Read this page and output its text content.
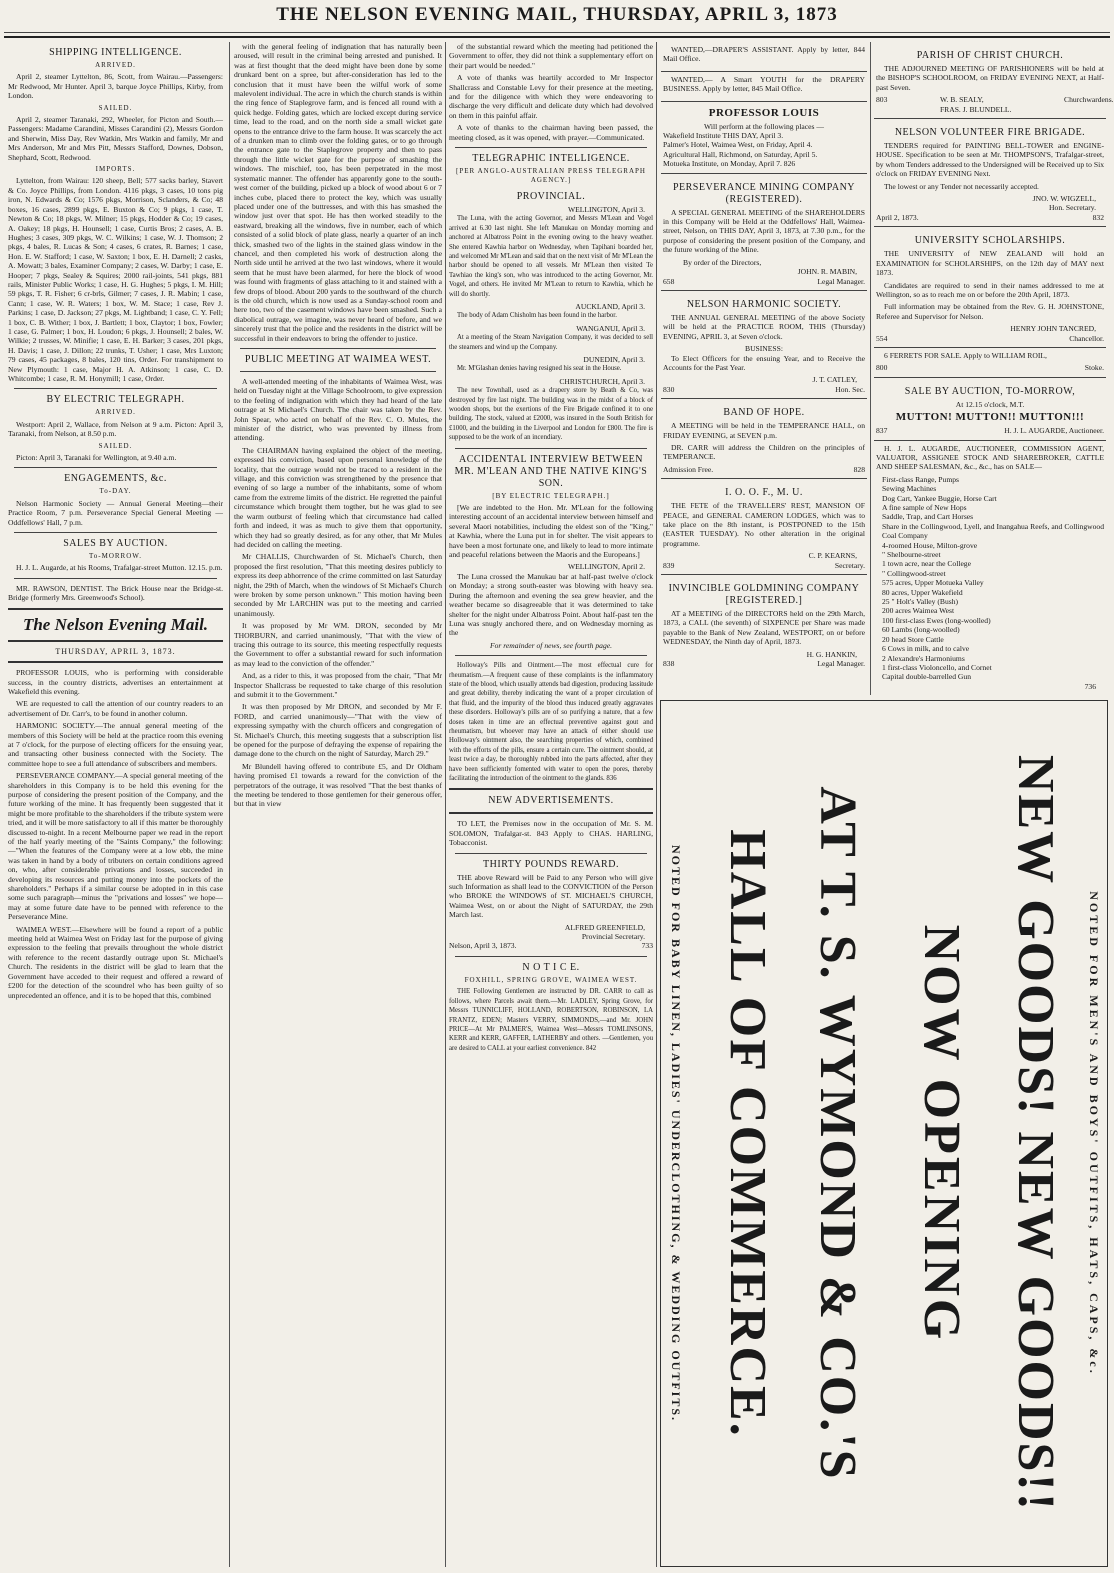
THE NELSON EVENING MAIL, THURSDAY, APRIL 3, 1873
SHIPPING INTELLIGENCE.
ARRIVED.

April 2, steamer Lyttelton, 86, Scott, from Wairau.—Passengers: Mr Redwood, Mr Hunter. April 3, barque Joyce Phillips, Kirby, from London.

SAILED.

April 2, steamer Taranaki, 292, Wheeler, for Picton and South.—Passengers: Madame Carandini, Misses Carandini (2), Messrs Gordon and Sherwin, Miss Day, Rev Watkin, Mrs Watkin and family, Mr and Mrs Anderson, Mr and Mrs Pitt, Messrs Stafford, Downes, Dobson, Shephard, Scott, Redwood.

IMPORTS.

Lyttelton, from Wairau: 120 sheep, Bell; 577 sacks barley, Stavert & Co. Joyce Phillips, from London. 4116 pkgs, 3 cases, 10 tons pig iron, N. Edwards & Co; 1576 pkgs, Morrison, Sclanders, & Co; 48 boxes, 16 cases, 2899 pkgs, E. Buxton & Co; 9 pkgs, 1 case, T. Newton & Co; 18 pkgs, W. Milner; 15 pkgs, Hodder & Co; 19 cases, A. Oakey; 18 pkgs, H. Hounsell; 1 case, Curtis Bros; 2 cases, A. B. Hughes; 3 cases, 309 pkgs, W. C. Wilkins; 1 case, W. J. Thomson; 2 pkgs, 4 bales, R. Lucas & Son; 4 cases, 6 crates, R. Barnes; 1 case, Hon. E. W. Stafford; 1 case, W. Saxton; 1 box, E. H. Darnell; 2 casks, A. Mowatt; 3 bales, Examiner Company; 2 cases, W. Darby; 1 case, E. Hooper; 7 pkgs, Sealey & Squires; 2000 rail-joints, 541 pkgs, 881 rails, Minister Public Works; 1 case, H. G. Hughes; 5 pkgs, I. M. Hill; 59 pkgs, T. R. Fisher; 6 cr-brls, Gilmer; 7 cases, J. R. Mabin; 1 case, Cann; 1 case, W. R. Waters; 1 box, W. M. Stace; 1 case, Rev J. Parkins; 1 case, D. Jackson; 27 pkgs, M. Lightband; 1 case, C. Y. Fell; 1 box, C. B. Wither; 1 box, J. Bartlett; 1 box, Claytor; 1 box, Fowler; 1 case, G. Palmer; 1 box, H. Loudon; 6 pkgs, J. Hounsell; 2 bales, W. Wilkie; 2 trusses, W. Minifie; 1 case, E. H. Barker; 3 cases, 201 pkgs, H. Davis; 1 case, J. Dillon; 22 trunks, T. Usher; 1 case, Mrs Luxton; 79 cases, 45 packages, 8 bales, 120 tins, Order. For transhipment to New Plymouth: 1 case, Major H. A. Atkinson; 1 case, C. D. Whitcombe; 1 case, R. M. Honymill; 1 case, Order.

BY ELECTRIC TELEGRAPH.
ARRIVED.

Westport: April 2, Wallace, from Nelson at 9 a.m. Picton: April 3, Taranaki, from Nelson, at 8.50 p.m.

SAILED.

Picton: April 3, Taranaki for Wellington, at 9.40 a.m.

ENGAGEMENTS, &c.
To-DAY.

Nelson Harmonic Society — Annual General Meeting—their Practice Room, 7 p.m. Perseverance Special General Meeting — Oddfellows' Hall, 7 p.m.

SALES BY AUCTION.
To-MORROW.

H. J. L. Augarde, at his Rooms, Trafalgar-street Mutton. 12.15. p.m.

MR. RAWSON, DENTIST. The Brick House near the Bridge-st. Bridge (formerly Mrs. Greenwood's School).

The Nelson Evening Mail.
THURSDAY, APRIL 3, 1873.

PROFESSOR LOUIS, who is performing with considerable success, in the country districts, advertises an entertainment at Wakefield this evening.

WE are requested to call the attention of our country readers to an advertisement of Dr. Carr's, to be found in another column.

HARMONIC SOCIETY.—The annual general meeting of the members of this Society will be held at the practice room this evening at 7 o'clock, for the purpose of electing officers for the ensuing year, and transacting other business connected with the Society. The committee hope to see a full attendance of subscribers and members.

PERSEVERANCE COMPANY.—A special general meeting of the shareholders in this Company is to be held this evening for the purpose of considering the present position of the Company, and the future working of the mine. It has frequently been suggested that it might be more profitable to the shareholders if the tribute system were tried, and it will be more satisfactory to all if this matter be thoroughly discussed to-night. In a recent Melbourne paper we read in the report of the half yearly meeting of the "Saints Company," the following:—"When the features of the Company were at a low ebb, the mine was taken in hand by a body of tributers on certain conditions agreed on, who, after considerable privations and losses, succeeded in developing its resources and putting money into the pockets of the shareholders." Perhaps if a similar course be adopted in in this case some such paragraph—minus the "privations and losses" we hope—may at some future date have to be penned with reference to the Perseverance Mine.

WAIMEA WEST.—Elsewhere will be found a report of a public meeting held at Waimea West on Friday last for the purpose of giving expression to the feeling that prevails throughout the whole district with reference to the recent dastardly outrage upon St. Michael's Church. The residents in the district will be glad to learn that the Government have acceded to their request and offered a reward of £200 for the detection of the scoundrel who has been guilty of so unprecedented an offence, and it is to be hoped that this, combined

with the general feeling of indignation that has naturally been aroused, will result in the criminal being arrested and punished. It was at first thought that the deed might have been done by some drunkard bent on a spree, but after-consideration has led to the conclusion that it must have been the wilful work of some malevolent individual. The acre in which the church stands is within the ring fence of Staplegrove farm, and is fenced all round with a quick hedge. Folding gates, which are locked except during service time, lead to the road, and on the north side a small wicket gate opens to the entrance drive to the farm house. It was scarcely the act of a drunken man to climb over the folding gates, or to go through the entrance gate to the Staplegrove property and then to pass through the little wicket gate for the purpose of smashing the windows. The mischief, too, has been perpetrated in the most systematic manner. The offender has apparently gone to the south-west corner of the building, picked up a block of wood about 6 or 7 inches cube, placed there to protect the key, which was usually placed under one of the buttresses, and with this has smashed the window just over that spot. He has then worked steadily to the eastward, breaking all the windows, five in number, each of which consisted of a solid block of plate glass, nearly a quarter of an inch thick, smashed two of the lights in the stained glass window in the chancel, and then completed his work of destruction along the North side until he arrived at the two last windows, where it would seem that he must have been alarmed, for here the block of wood was found with fragments of glass attaching to it and stained with a few drops of blood. About 200 yards to the southward of the church is the old church, which is now used as a Sunday-school room and here too, two of the casement windows have been smashed. Such a diabolical outrage, we imagine, was never heard of before, and we sincerely trust that the police and the residents in the district will be successful in their endeavors to bring the offender to justice.

PUBLIC MEETING AT WAIMEA WEST.

A well-attended meeting of the inhabitants of Waimea West, was held on Tuesday night at the Village Schoolroom, to give expression to the feeling of indignation with which they had heard of the late outrage at St Michael's Church. The chair was taken by the Rev. John Spear, who acted on behalf of the Rev. C. O. Mules, the minister of the district, who was prevented by illness from attending.

The CHAIRMAN having explained the object of the meeting, expressed his conviction, based upon personal knowledge of the locality, that the outrage would not be traced to a resident in the village, and this conviction was strengthened by the presence that evening of so large a number of the inhabitants, some of whom came from the extreme limits of the district. He regretted the painful circumstance which brought them togther, but he was glad to see the warm outburst of feeling which that circumstance had called forth and indeed, it was as much to give them that opportunity, which they had so greatly desired, as for any other, that Mr Mules had decided on calling the meeting.

Mr CHALLIS, Churchwarden of St. Michael's Church, then proposed the first resolution, "That this meeting desires publicly to express its deep abhorrence of the crime committed on last Saturday night, the 29th of March, when the windows of St Michael's Church were broken by some person unknown." This motion having been seconded by Mr LARCHIN was put to the meeting and carried unanimously.

It was proposed by Mr WM. DRON, seconded by Mr THORBURN, and carried unanimously, "That with the view of tracing this outrage to its source, this meeting respectfully requests the Government to offer a substantial reward for such information as may lead to the conviction of the offender."

And, as a rider to this, it was proposed from the chair, "That Mr Inspector Shallcrass be requested to take charge of this resolution and submit it to the Government."

It was then proposed by Mr DRON, and seconded by Mr F. FORD, and carried unanimously—"That with the view of expressing sympathy with the church officers and congregation of St. Michael's Church, this meeting suggests that a subscription list be opened for the purpose of defraying the expense of repairing the damage done to the church on the night of Saturday, March 29."

Mr Blundell having offered to contribute £5, and Dr Oldham having promised £1 towards a reward for the conviction of the perpetrators of the outrage, it was resolved "That the best thanks of the meeting be tendered to those gentlemen for their generous offer, but that in view

of the substantial reward which the meeting had petitioned the Government to offer, they did not think a supplementary effort on their part would be needed."

A vote of thanks was heartily accorded to Mr Inspector Shallcrass and Constable Levy for their presence at the meeting, and for the diligence with which they were endeavoring to discharge the very difficult and delicate duty which had devolved on them in this painful affair.

A vote of thanks to the chairman having been passed, the meeting closed, as it was opened, with prayer.—Communicated.

TELEGRAPHIC INTELLIGENCE.
[PER ANGLO-AUSTRALIAN PRESS TELEGRAPH AGENCY.]
PROVINCIAL.
WELLINGTON, April 3.

The Luna, with the acting Governor, and Messrs M'Lean and Vogel arrived at 6.30 last night. She left Manukau on Monday morning and anchored at Albatross Point in the evening owing to the heavy weather. She entered Kawhia harbor on Wednesday, when Tapihani boarded her, and welcomed Mr M'Lean and said that on the next visit of Mr M'Lean the harbor should be opened to all vessels. Mr M'Lean then visited Te Tawhiao the king's son, who was introduced to the acting Governor, Mr. Vogel, and others. He invited Mr M'Lean to return to Kawhia, which he will do shortly.

AUCKLAND, April 3.

The body of Adam Chisholm has been found in the harbor.

WANGANUI, April 3.

At a meeting of the Steam Navigation Company, it was decided to sell the steamers and wind up the Company.

DUNEDIN, April 3.

Mr. M'Glashan denies having resigned his seat in the House.

CHRISTCHURCH, April 3.

The new Townhall, used as a drapery store by Beath & Co, was destroyed by fire last night. The building was in the midst of a block of wooden shops, but the exertions of the Fire Brigade confined it to one building. The stock, valued at £2000, was insured in the South British for £1000, and the building in the Liverpool and London for £800. The fire is supposed to be the work of an incendiary.

ACCIDENTAL INTERVIEW BETWEEN MR. M'LEAN AND THE NATIVE KING'S SON.
[BY ELECTRIC TELEGRAPH.]

[We are indebted to the Hon. Mr. M'Lean for the following interesting account of an accidental interview between himself and several Maori notabilities, including the eldest son of the "King," at Kawhia, where the Luna put in for shelter. The visit appears to have been a most fortunate one, and likely to lead to more intimate and peaceful relations between the Maoris and the Europeans.]

WELLINGTON, April 2.

The Luna crossed the Manukau bar at half-past twelve o'clock on Monday; a strong south-easter was blowing with heavy sea. During the afternoon and evening the sea grew heavier, and the weather became so disagreeable that it was determined to take shelter for the night under Albatross Point. About half-past ten the Luna was snugly anchored there, and on Wednesday morning as the

For remainder of news, see fourth page.

Holloway's Pills and Ointment.—The most effectual cure for rheumatism.—A frequent cause of these complaints is the inflammatory state of the blood, which usually attends bad digestion, producing lassitude and great debility, thereby indicating the want of a proper circulation of that fluid, and the impurity of the blood thus induced greatly aggravates these disorders. Holloway's pills are of so purifying a nature, that a few doses taken in time are an effectual preventive against gout and rheumatism, but whoever may have an attack of either should use Holloway's ointment also, the searching properties of which, combined with the efforts of the pills, ensure a certain cure. The ointment should, at least twice a day, be thoroughly rubbed into the parts affected, after they have been sufficiently fomented with water to open the pores, thereby facilitating the introduction of the ointment to the glands. 836

NEW ADVERTISEMENTS.

TO LET, the Premises now in the occupation of Mr. S. M. SOLOMON, Trafalgar-st. 843 Apply to CHAS. HARLING, Tobacconist.

THIRTY POUNDS REWARD.

THE above Reward will be Paid to any Person who will give such Information as shall lead to the CONVICTION of the Person who BROKE the WINDOWS of ST. MICHAEL'S CHURCH, Waimea West, on or about the Night of SATURDAY, the 29th March last.

ALFRED GREENFIELD,
Provincial Secretary.
Nelson, April 3, 1873.	733
N O T I C E.
FOXHILL, SPRING GROVE, WAIMEA WEST.

THE Following Gentlemen are instructed by DR. CARR to call as follows, where Parcels await them.—Mr. LADLEY, Spring Grove, for Messrs TUNNICLIFF, HOLLAND, ROBERTSON, ROBINSON, LA FRANTZ, EDEN; Masters VERRY, SIMMONDS,—and Mr. JOHN PRICE—At Mr PALMER'S, Waimea West—Messrs TOMLINSONS, KERR and KERR, GAFFER, LATHERBY and others. —Gentlemen, you are desired to CALL at your earliest convenience. 842

WANTED,—DRAPER'S ASSISTANT. Apply by letter, 844 Mail Office.

WANTED,— A Smart YOUTH for the DRAPERY BUSINESS. Apply by letter, 845 Mail Office.

PROFESSOR LOUIS
Will perform at the following places —
Wakefield Institute THIS DAY, April 3.
Palmer's Hotel, Waimea West, on Friday, April 4.
Agricultural Hall, Richmond, on Saturday, April 5.
Motueka Institute, on Monday, April 7. 826
PERSEVERANCE MINING COMPANY (REGISTERED).

A SPECIAL GENERAL MEETING of the SHAREHOLDERS in this Company will be Held at the Oddfellows' Hall, Waimea-street, Nelson, on THIS DAY, April 3, 1873, at 7.30 p.m., for the purpose of considering the present position of the Company, and the future working of the Mine.

By order of the Directors,
JOHN. R. MABIN,
658	Legal Manager.
NELSON HARMONIC SOCIETY.

THE ANNUAL GENERAL MEETING of the above Society will be held at the PRACTICE ROOM, THIS (Thursday) EVENING, APRIL 3, at Seven o'clock.

BUSINESS:

To Elect Officers for the ensuing Year, and to Receive the Accounts for the Past Year.

J. T. CATLEY,
830	Hon. Sec.
BAND OF HOPE.

A MEETING will be held in the TEMPERANCE HALL, on FRIDAY EVENING, at SEVEN p.m.

DR. CARR will address the Children on the principles of TEMPERANCE.

Admission Free.	828
I. O. O. F., M. U.

THE FETE of the TRAVELLERS' REST, MANSION OF PEACE, and GENERAL CAMERON LODGES, which was to take place on the 8th instant, is POSTPONED to the 15th (EASTER TUESDAY). No other alteration in the original programme.

C. P. KEARNS,
839	Secretary.
INVINCIBLE GOLDMINING COMPANY [REGISTERED.]

AT a MEETING of the DIRECTORS held on the 29th March, 1873, a CALL (the seventh) of SIXPENCE per Share was made payable to the Bank of New Zealand, WESTPORT, on or before WEDNESDAY, the Ninth day of April, 1873.

H. G. HANKIN,
838	Legal Manager.
PARISH OF CHRIST CHURCH.

THE ADJOURNED MEETING OF PARISHIONERS will be held at the BISHOP'S SCHOOLROOM, on FRIDAY EVENING NEXT, at Half-past Seven.

803	W. B. SEALY,
FRAS. J. BLUNDELL.
Churchwardens.
NELSON VOLUNTEER FIRE BRIGADE.

TENDERS required for PAINTING BELL-TOWER and ENGINE-HOUSE. Specification to be seen at Mr. THOMPSON'S, Trafalgar-street, by whom Tenders addressed to the Undersigned will be Received up to Six o'clock on FRIDAY EVENING Next.

The lowest or any Tender not necessarily accepted.

JNO. W. WIGZELL,
Hon. Secretary.
April 2, 1873.	832
UNIVERSITY SCHOLARSHIPS.

THE UNIVERSITY of NEW ZEALAND will hold an EXAMINATION for SCHOLARSHIPS, on the 12th day of MAY next 1873.

Candidates are required to send in their names addressed to me at Wellington, so as to reach me on or before the 20th April, 1873.

Full information may be obtained from the Rev. G. H. JOHNSTONE, Referee and Supervisor for Nelson.

HENRY JOHN TANCRED,
554	Chancellor.

6 FERRETS FOR SALE. Apply to WILLIAM ROIL,

800	Stoke.
SALE BY AUCTION, TO-MORROW,
At 12.15 o'clock, M.T.
MUTTON! MUTTON!! MUTTON!!!
837	H. J. L. AUGARDE, Auctioneer.

H. J. L. AUGARDE, AUCTIONEER, COMMISSION AGENT, VALUATOR, ASSIGNEE STOCK AND SHAREBROKER, CATTLE AND SHEEP SALESMAN, &c., &c., has on SALE—

First-class Range, Pumps
Sewing Machines
Dog Cart, Yankee Buggie, Horse Cart
A fine sample of New Hops
Saddle, Trap, and Cart Horses
Share in the Collingwood, Lyell, and Inangahua Reefs, and Collingwood Coal Company
4-roomed House, Milton-grove
" Shelbourne-street
1 town acre, near the College
" Collingwood-street
575 acres, Upper Motueka Valley
80 acres, Upper Wakefield
25 " Holt's Valley (Bush)
200 acres Waimea West
100 first-class Ewes (long-woolled)
60 Lambs (long-woolled)
20 head Store Cattle
6 Cows in milk, and to calve
2 Alexandre's Harmoniums
1 first-class Violoncello, and Cornet
Capital double-barrelled Gun
736
NOTED FOR MEN'S AND BOYS' OUTFITS, HATS, CAPS, &c.
NEW GOODS! NEW GOODS!!
NOW OPENING
AT T. S. WYMOND & CO.'S
HALL OF COMMERCE.
NOTED FOR BABY LINEN, LADIES' UNDERCLOTHING, & WEDDING OUTFITS.
